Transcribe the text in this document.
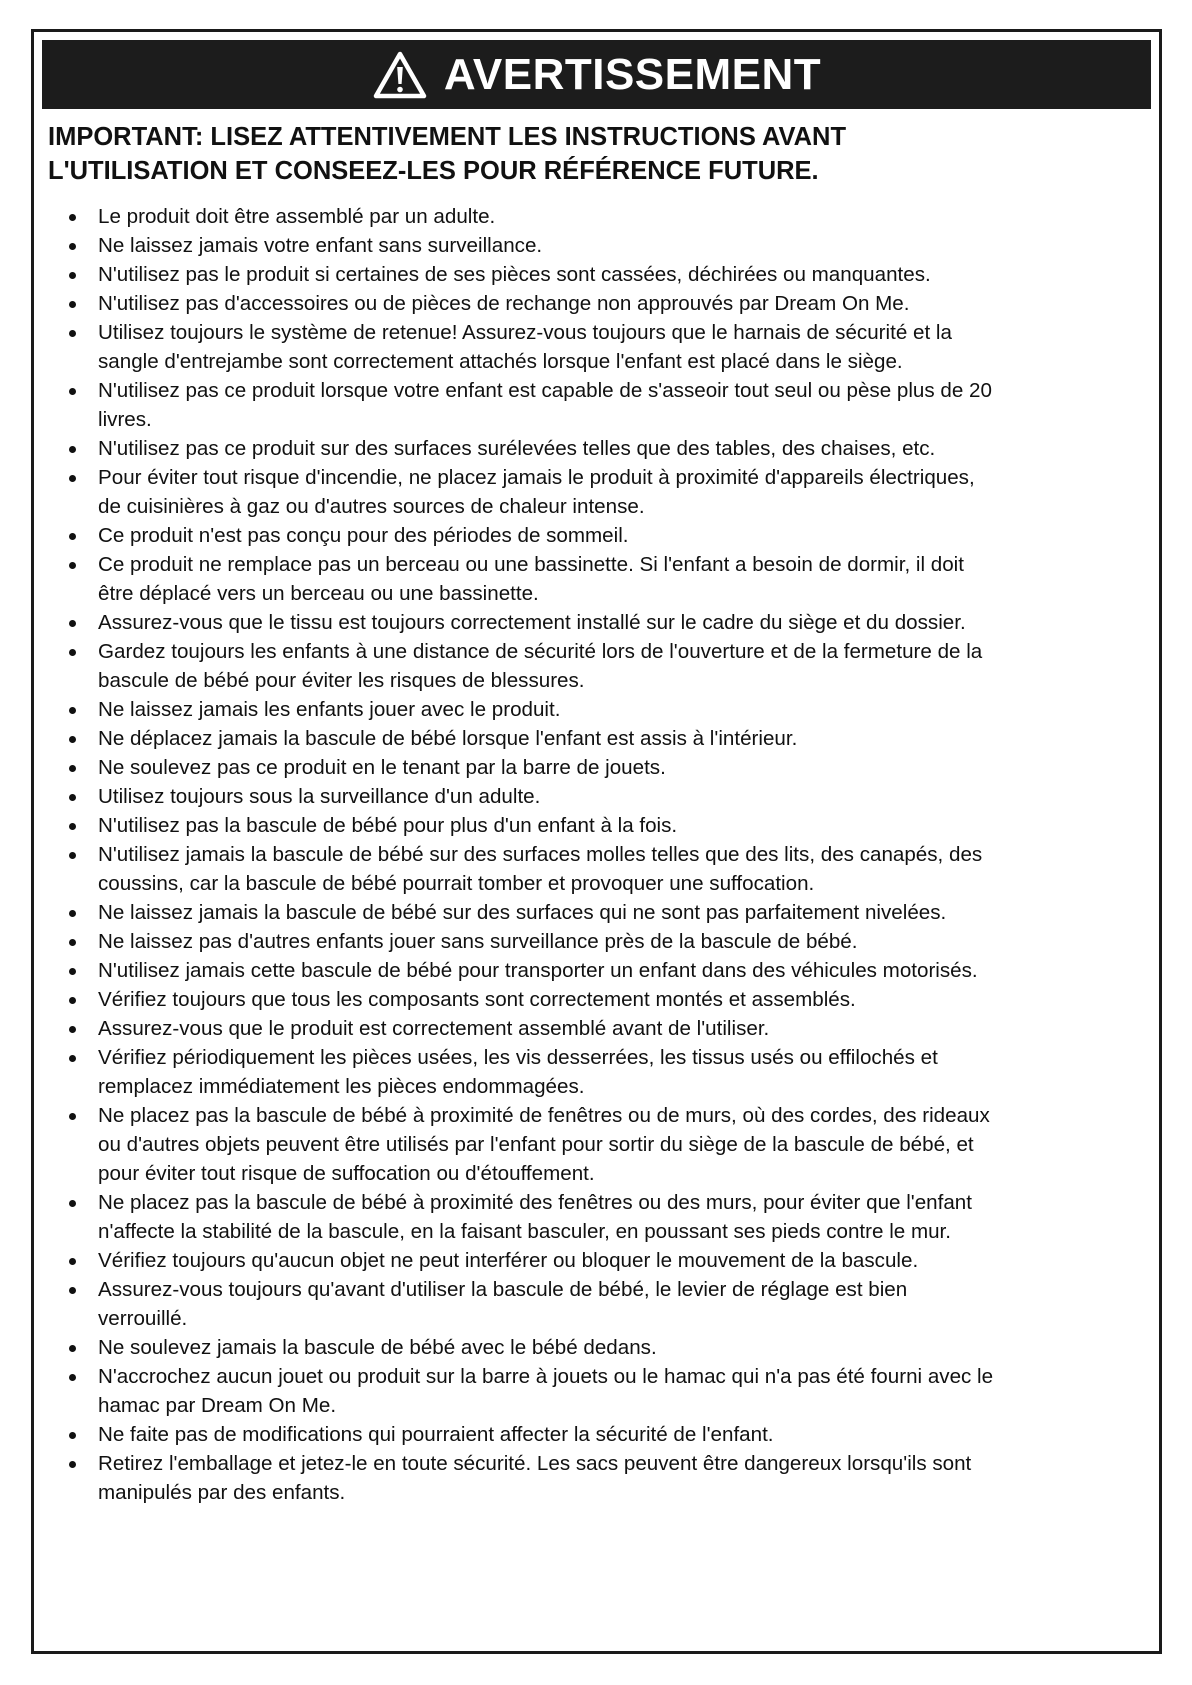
AVERTISSEMENT
IMPORTANT: LISEZ ATTENTIVEMENT LES INSTRUCTIONS AVANT
L'UTILISATION ET CONSEEZ-LES POUR RÉFÉRENCE FUTURE.
Le produit doit être assemblé par un adulte.
Ne laissez jamais votre enfant sans surveillance.
N'utilisez pas le produit si certaines de ses pièces sont cassées, déchirées ou manquantes.
N'utilisez pas d'accessoires ou de pièces de rechange non approuvés par Dream On Me.
Utilisez toujours le système de retenue! Assurez-vous toujours que le harnais de sécurité et la
sangle d'entrejambe sont correctement attachés lorsque l'enfant est placé dans le siège.
N'utilisez pas ce produit lorsque votre enfant est capable de s'asseoir tout seul ou pèse plus de 20
livres.
N'utilisez pas ce produit sur des surfaces surélevées telles que des tables, des chaises, etc.
Pour éviter tout risque d'incendie, ne placez jamais le produit à proximité d'appareils électriques,
de cuisinières à gaz ou d'autres sources de chaleur intense.
Ce produit n'est pas conçu pour des périodes de sommeil.
Ce produit ne remplace pas un berceau ou une bassinette. Si l'enfant a besoin de dormir, il doit
être déplacé vers un berceau ou une bassinette.
Assurez-vous que le tissu est toujours correctement installé sur le cadre du siège et du dossier.
Gardez toujours les enfants à une distance de sécurité lors de l'ouverture et de la fermeture de la
bascule de bébé pour éviter les risques de blessures.
Ne laissez jamais les enfants jouer avec le produit.
Ne déplacez jamais la bascule de bébé lorsque l'enfant est assis à l'intérieur.
Ne soulevez pas ce produit en le tenant par la barre de jouets.
Utilisez toujours sous la surveillance d'un adulte.
N'utilisez pas la bascule de bébé pour plus d'un enfant à la fois.
N'utilisez jamais la bascule de bébé sur des surfaces molles telles que des lits, des canapés, des
coussins, car la bascule de bébé pourrait tomber et provoquer une suffocation.
Ne laissez jamais la bascule de bébé sur des surfaces qui ne sont pas parfaitement nivelées.
Ne laissez pas d'autres enfants jouer sans surveillance près de la bascule de bébé.
N'utilisez jamais cette bascule de bébé pour transporter un enfant dans des véhicules motorisés.
Vérifiez toujours que tous les composants sont correctement montés et assemblés.
Assurez-vous que le produit est correctement assemblé avant de l'utiliser.
Vérifiez périodiquement les pièces usées, les vis desserrées, les tissus usés ou effilochés et
remplacez immédiatement les pièces endommagées.
Ne placez pas la bascule de bébé à proximité de fenêtres ou de murs, où des cordes, des rideaux
ou d'autres objets peuvent être utilisés par l'enfant pour sortir du siège de la bascule de bébé, et
pour éviter tout risque de suffocation ou d'étouffement.
Ne placez pas la bascule de bébé à proximité des fenêtres ou des murs, pour éviter que l'enfant
n'affecte la stabilité de la bascule, en la faisant basculer, en poussant ses pieds contre le mur.
Vérifiez toujours qu'aucun objet ne peut interférer ou bloquer le mouvement de la bascule.
Assurez-vous toujours qu'avant d'utiliser la bascule de bébé, le levier de réglage est bien
verrouillé.
Ne soulevez jamais la bascule de bébé avec le bébé dedans.
N'accrochez aucun jouet ou produit sur la barre à jouets ou le hamac qui n'a pas été fourni avec le
hamac par Dream On Me.
Ne faite pas de modifications qui pourraient affecter la sécurité de l'enfant.
Retirez l'emballage et jetez-le en toute sécurité. Les sacs peuvent être dangereux lorsqu'ils sont
manipulés par des enfants.
